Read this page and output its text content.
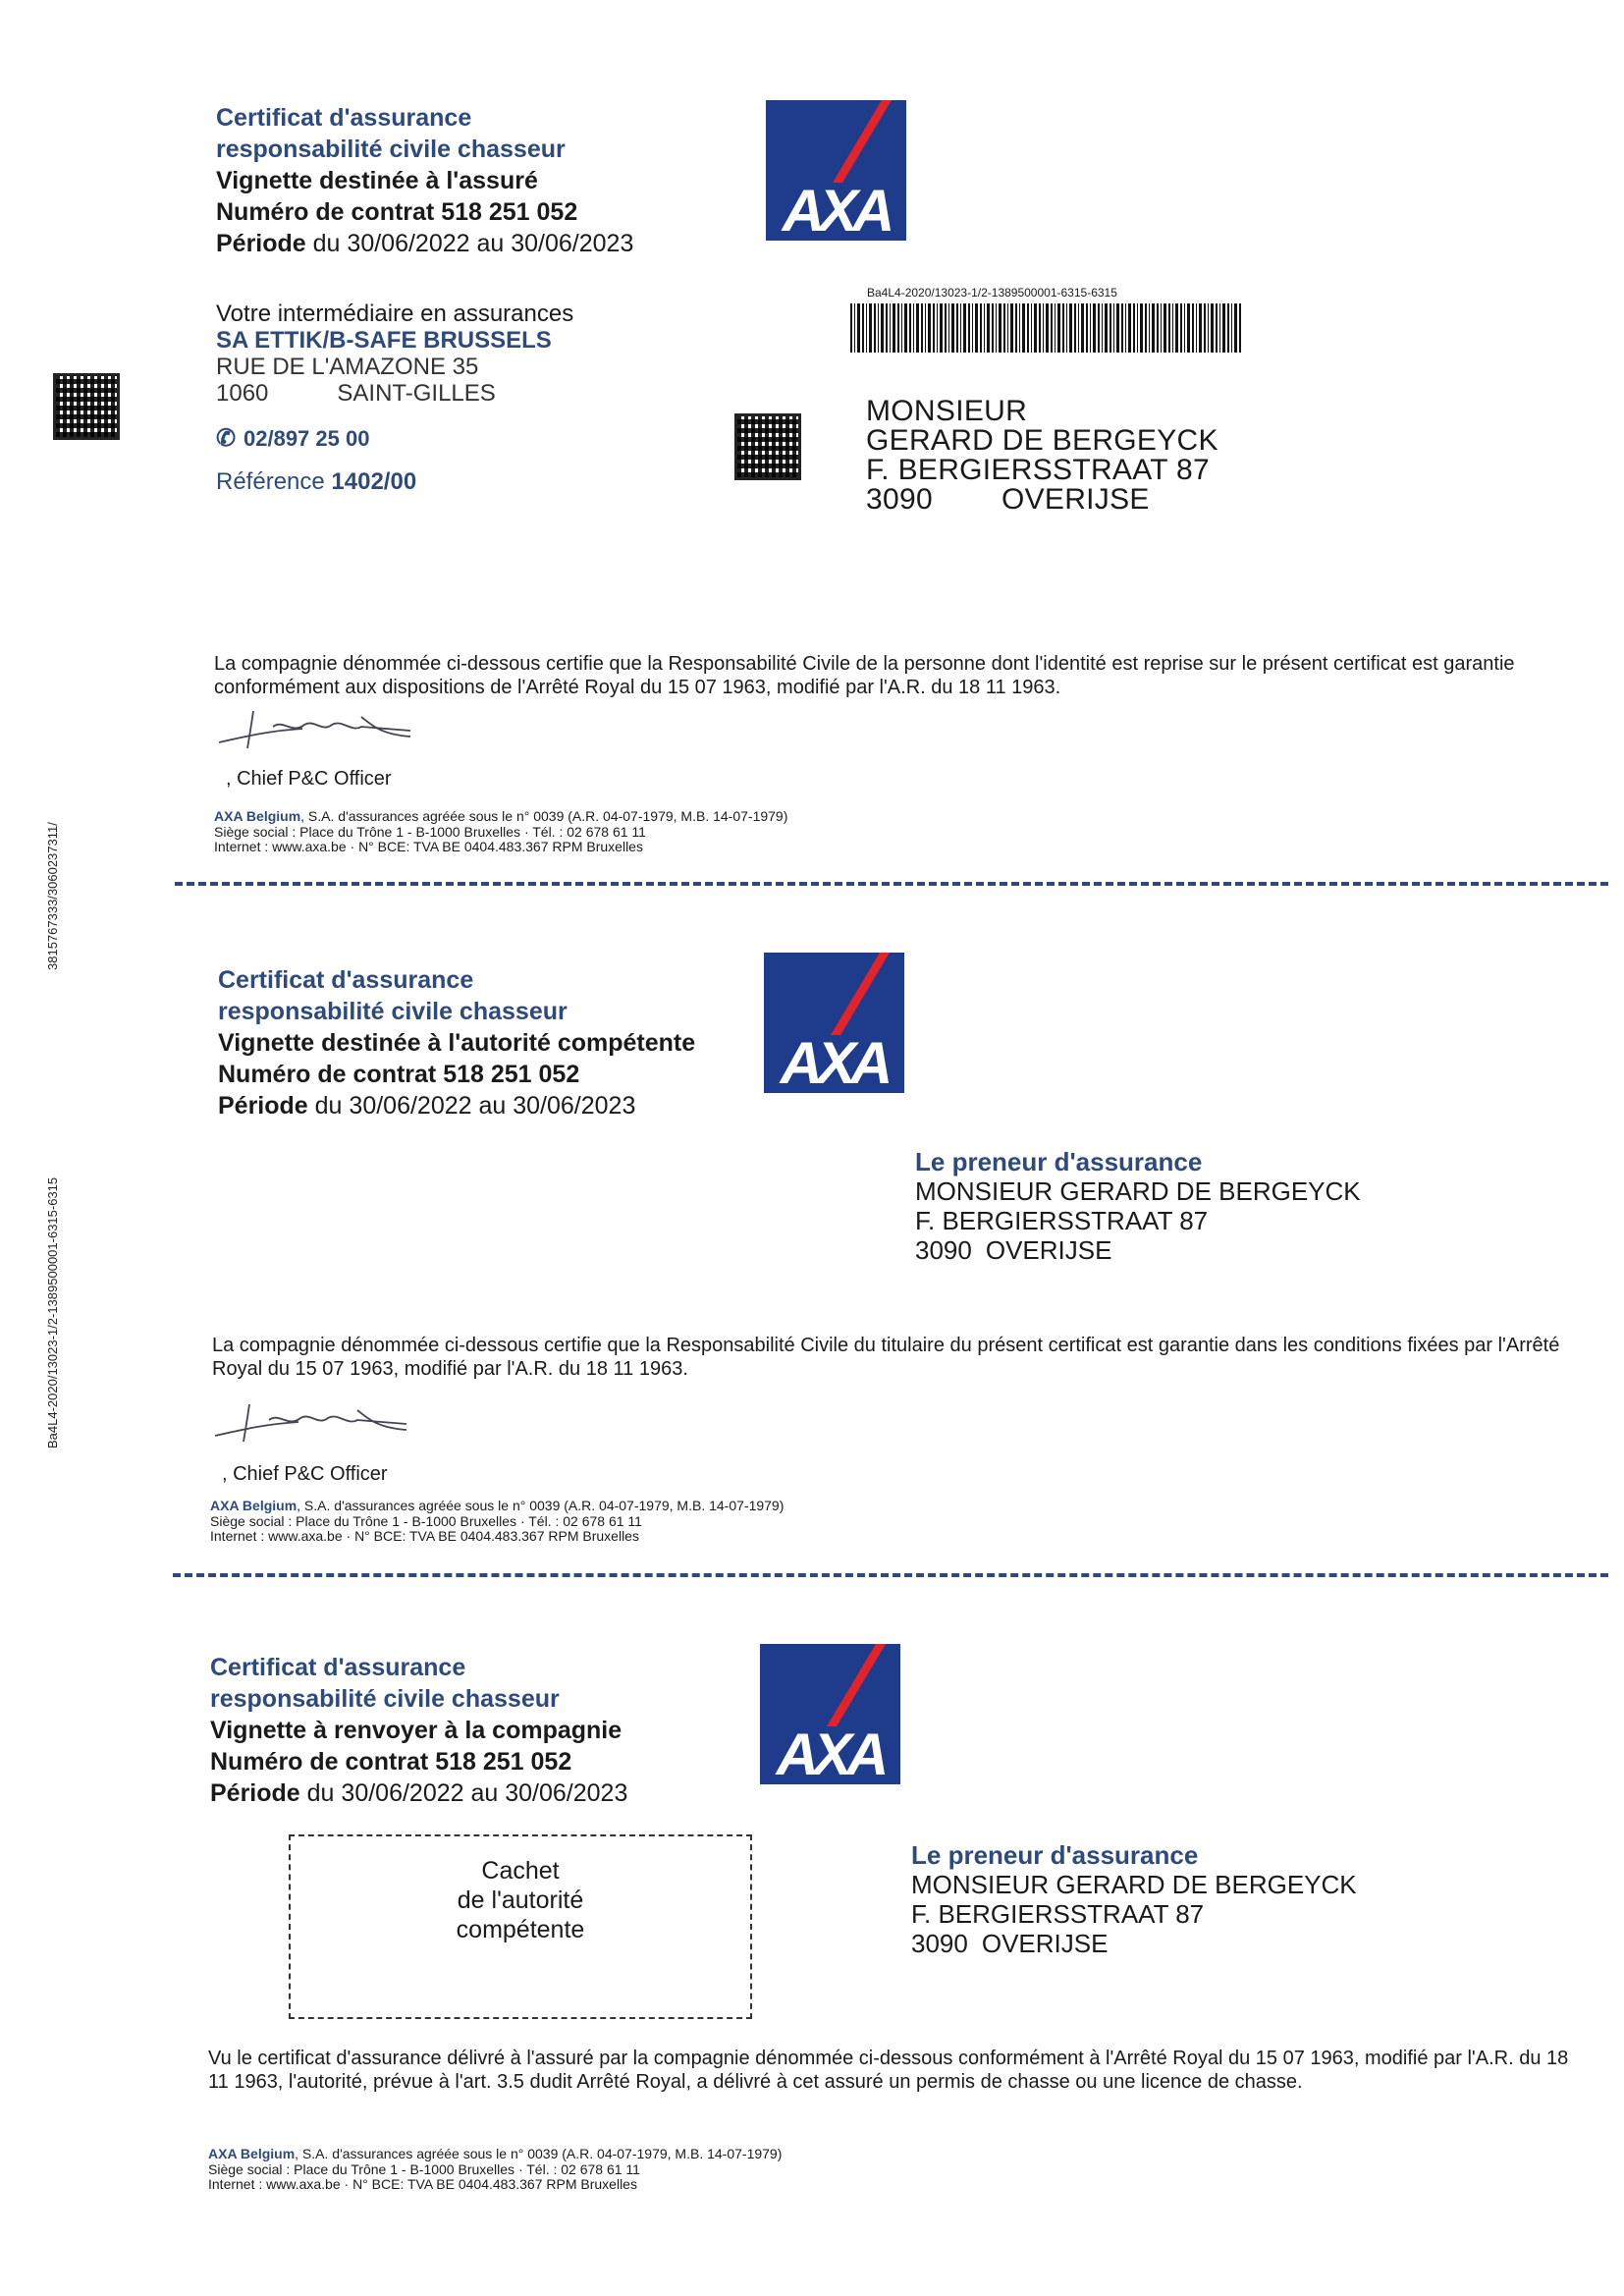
3815767333/3060237311/
Ba4L4-2020/13023-1/2-1389500001-6315-6315
Certificat d'assurance
responsabilité civile chasseur
Vignette destinée à l'assuré
Numéro de contrat 518 251 052
Période du 30/06/2022 au 30/06/2023	AXA
Ba4L4-2020/13023-1/2-1389500001-6315-6315
Votre intermédiaire en assurances
SA ETTIK/B-SAFE BRUSSELS
RUE DE L'AMAZONE 35
1060	SAINT-GILLES
✆ 02/897 25 00
Référence 1402/00
MONSIEUR
GERARD DE BERGEYCK
F. BERGIERSSTRAAT 87
3090 OVERIJSE
La compagnie dénommée ci-dessous certifie que la Responsabilité Civile de la personne dont l'identité est reprise sur le présent certificat est garantie conformément aux dispositions de l'Arrêté Royal du 15 07 1963, modifié par l'A.R. du 18 11 1963.
, Chief P&C Officer
AXA Belgium, S.A. d'assurances agréée sous le n° 0039 (A.R. 04-07-1979, M.B. 14-07-1979)
Siège social : Place du Trône 1 - B-1000 Bruxelles · Tél. : 02 678 61 11
Internet : www.axa.be · N° BCE: TVA BE 0404.483.367 RPM Bruxelles
Certificat d'assurance
responsabilité civile chasseur
Vignette destinée à l'autorité compétente
Numéro de contrat 518 251 052
Période du 30/06/2022 au 30/06/2023
AXA
Le preneur d'assurance
MONSIEUR GERARD DE BERGEYCK
F. BERGIERSSTRAAT 87
3090 OVERIJSE
La compagnie dénommée ci-dessous certifie que la Responsabilité Civile du titulaire du présent certificat est garantie dans les conditions fixées par l'Arrêté Royal du 15 07 1963, modifié par l'A.R. du 18 11 1963.
, Chief P&C Officer
AXA Belgium, S.A. d'assurances agréée sous le n° 0039 (A.R. 04-07-1979, M.B. 14-07-1979)
Siège social : Place du Trône 1 - B-1000 Bruxelles · Tél. : 02 678 61 11
Internet : www.axa.be · N° BCE: TVA BE 0404.483.367 RPM Bruxelles
Certificat d'assurance
responsabilité civile chasseur
Vignette à renvoyer à la compagnie
Numéro de contrat 518 251 052
Période du 30/06/2022 au 30/06/2023
AXA
Cachet
de l'autorité
compétente
Le preneur d'assurance
MONSIEUR GERARD DE BERGEYCK
F. BERGIERSSTRAAT 87
3090 OVERIJSE
Vu le certificat d'assurance délivré à l'assuré par la compagnie dénommée ci-dessous conformément à l'Arrêté Royal du 15 07 1963, modifié par l'A.R. du 18 11 1963, l'autorité, prévue à l'art. 3.5 dudit Arrêté Royal, a délivré à cet assuré un permis de chasse ou une licence de chasse.
AXA Belgium, S.A. d'assurances agréée sous le n° 0039 (A.R. 04-07-1979, M.B. 14-07-1979)
Siège social : Place du Trône 1 - B-1000 Bruxelles · Tél. : 02 678 61 11
Internet : www.axa.be · N° BCE: TVA BE 0404.483.367 RPM Bruxelles
